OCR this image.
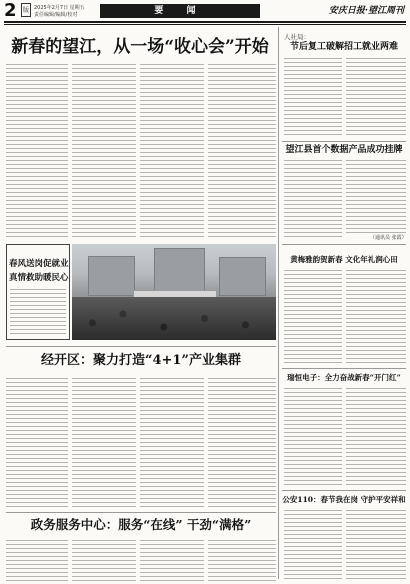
2	版	2025年2月7日 星期五
责任编辑/编辑/校对	要 闻	安庆日报·望江周刊
新春的望江，从一场“收心会”开始
春风送岗促就业
真情救助暖民心
经开区：聚力打造“4+1”产业集群
政务服务中心：服务“在线” 干劲“满格”
人社局：
节后复工破解招工就业两难
望江县首个数据产品成功挂牌
（通讯员 张霞）
黄梅雅韵贺新春 文化年礼润心田
瑞恒电子：全力奋战新春“开门红”
公安110：春节我在岗 守护平安祥和
